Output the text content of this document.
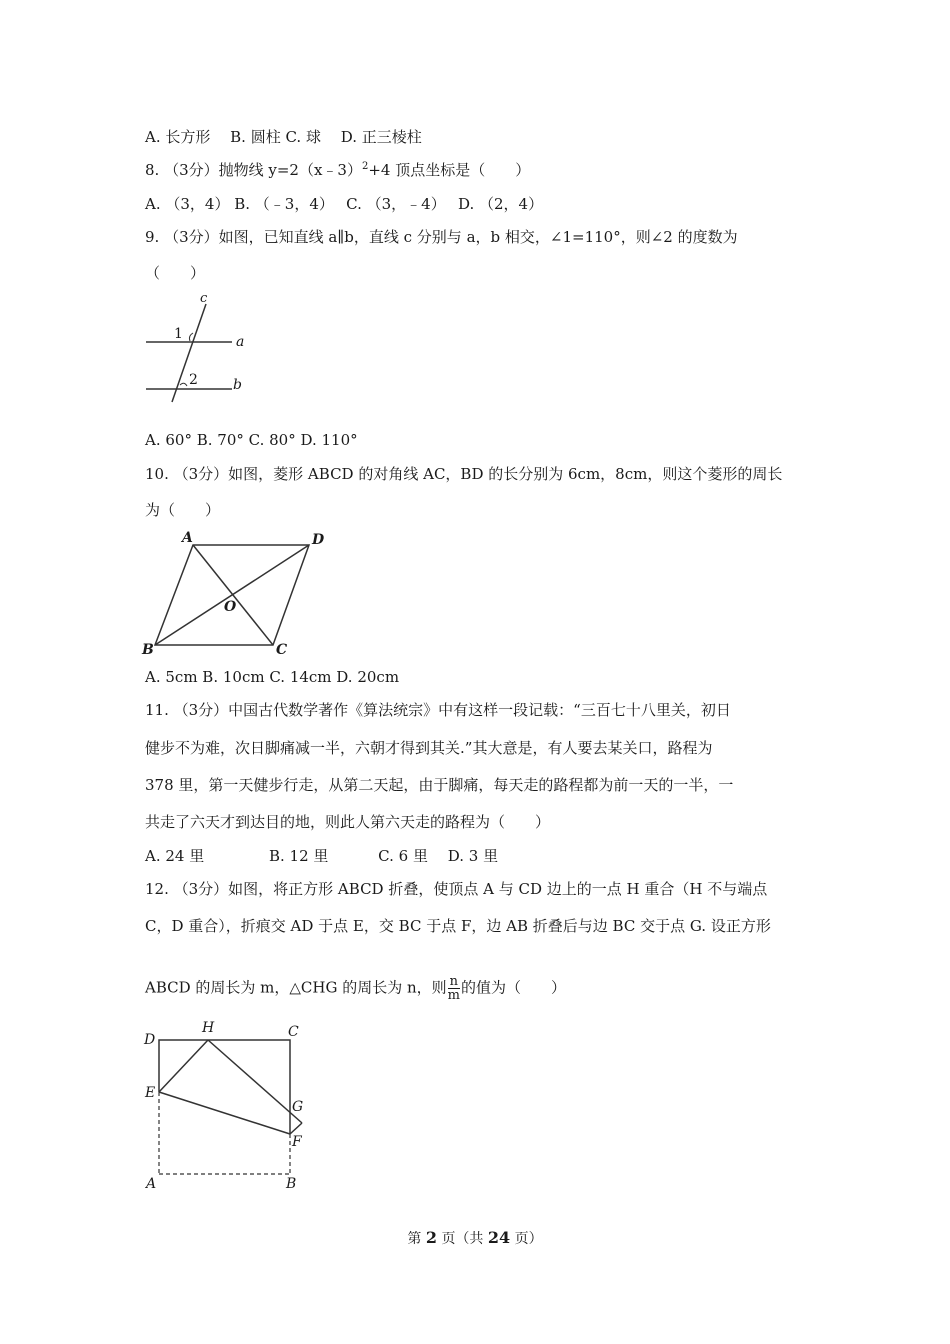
A. 长方形　 B. 圆柱 C. 球　 D. 正三棱柱
8. （3分）抛物线 y=2（x﹣3）$^2$+4 顶点坐标是（　　）
A. （3，4） B. （﹣3，4）　 C. （3，﹣4）　 D. （2，4）
9. （3分）如图，已知直线 a∥b，直线 c 分别与 a，b 相交，∠1=110°，则∠2 的度数为
（　　）
c
a
b
1
2
A. 60° B. 70° C. 80° D. 110°
10. （3分）如图，菱形 ABCD 的对角线 AC，BD 的长分别为 6cm，8cm，则这个菱形的周长
为（　　）
A	D
O
B	C
A. 5cm B. 10cm C. 14cm D. 20cm
11. （3分）中国古代数学著作《算法统宗》中有这样一段记载：“三百七十八里关，初日
健步不为难，次日脚痛减一半，六朝才得到其关.”其大意是，有人要去某关口，路程为
378 里，第一天健步行走，从第二天起，由于脚痛，每天走的路程都为前一天的一半，一
共走了六天才到达目的地，则此人第六天走的路程为（　　）
A. 24 里　　　　 B. 12 里　　　 C. 6 里　 D. 3 里
12. （3分）如图，将正方形 ABCD 折叠，使顶点 A 与 CD 边上的一点 H 重合（H 不与端点
C，D 重合），折痕交 AD 于点 E，交 BC 于点 F，边 AB 折叠后与边 BC 交于点 G. 设正方形
ABCD 的周长为 m，△CHG 的周长为 n，则 $\frac{n}{m}$ 的值为（　　）
D
H	C
E
G
F
A	B
第 2 页（共 24 页）
